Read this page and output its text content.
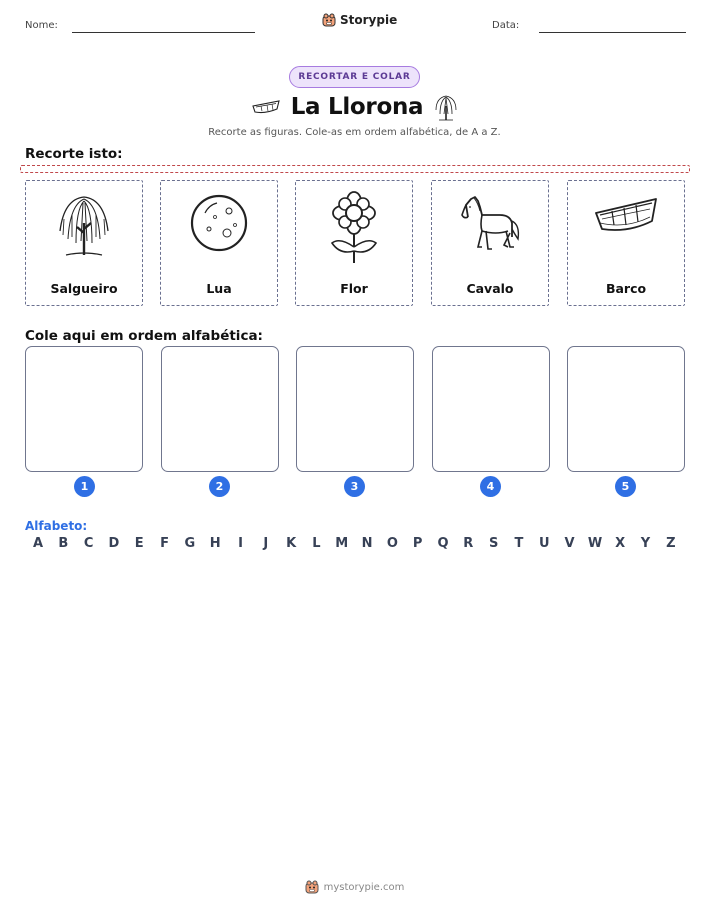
Nome:	Storypie	Data:
RECORTAR E COLAR
La Llorona
Recorte as figuras. Cole-as em ordem alfabética, de A a Z.
Recorte isto:
Salgueiro	Lua	Flor	Cavalo	Barco
Cole aqui em ordem alfabética:
1	2	3	4	5
Alfabeto:
A B C D E F G H	I	J	K L M N O P Q R S T U V W X Y Z
mystorypie.com
